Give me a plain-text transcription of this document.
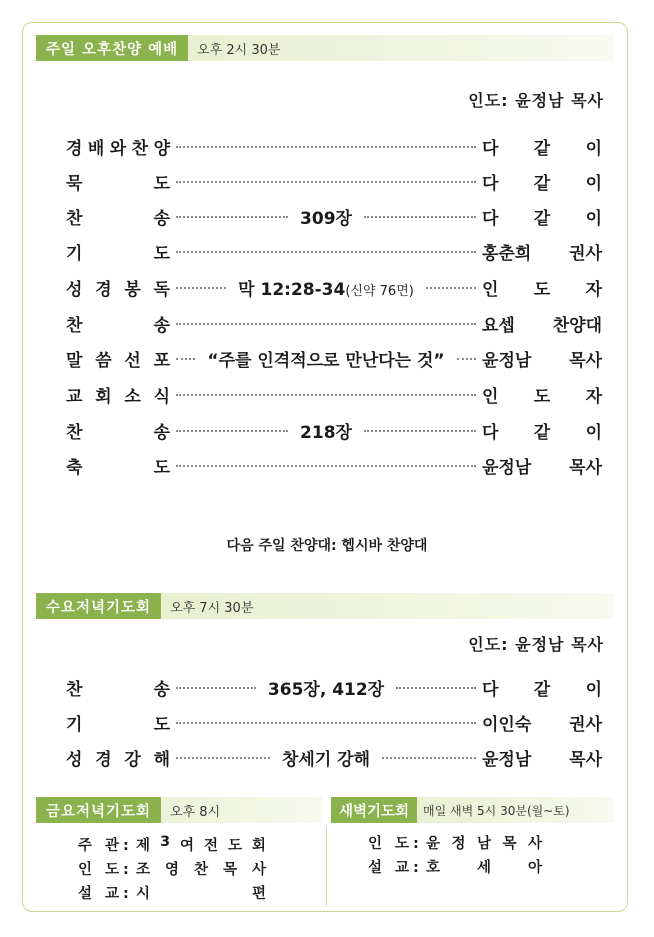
주일 오후찬양 예배	오후 2시 30분
인도: 윤정남 목사
경 배 와 찬 양	다 같 이
묵	도	다 같 이
찬	송	309장	다 같 이
기	도	홍춘희 권사
성 경 봉 독	막 12:28-34(신약 76면)	인 도 자
찬	송	요셉 찬양대
말 씀 선 포	“주를 인격적으로 만난다는 것”	윤정남 목사
교 회 소 식	인 도 자
찬	송	218장	다 같 이
축	도	윤정남 목사
다음 주일 찬양대: 헵시바 찬양대
수요저녁기도회	오후 7시 30분
인도: 윤정남 목사
찬	송	365장, 412장	다 같 이
기	도	이인숙 권사
성 경 강 해	창세기 강해	윤정남 목사
금요저녁기도회	오후 8시
주 관: 제 3 여 전 도 회
인 도: 조 영 찬 목 사
설 교: 시	편
새벽기도회	매일 새벽 5시 30분(월~토)
인 도: 윤 정 남 목 사
설 교: 호	세	아
